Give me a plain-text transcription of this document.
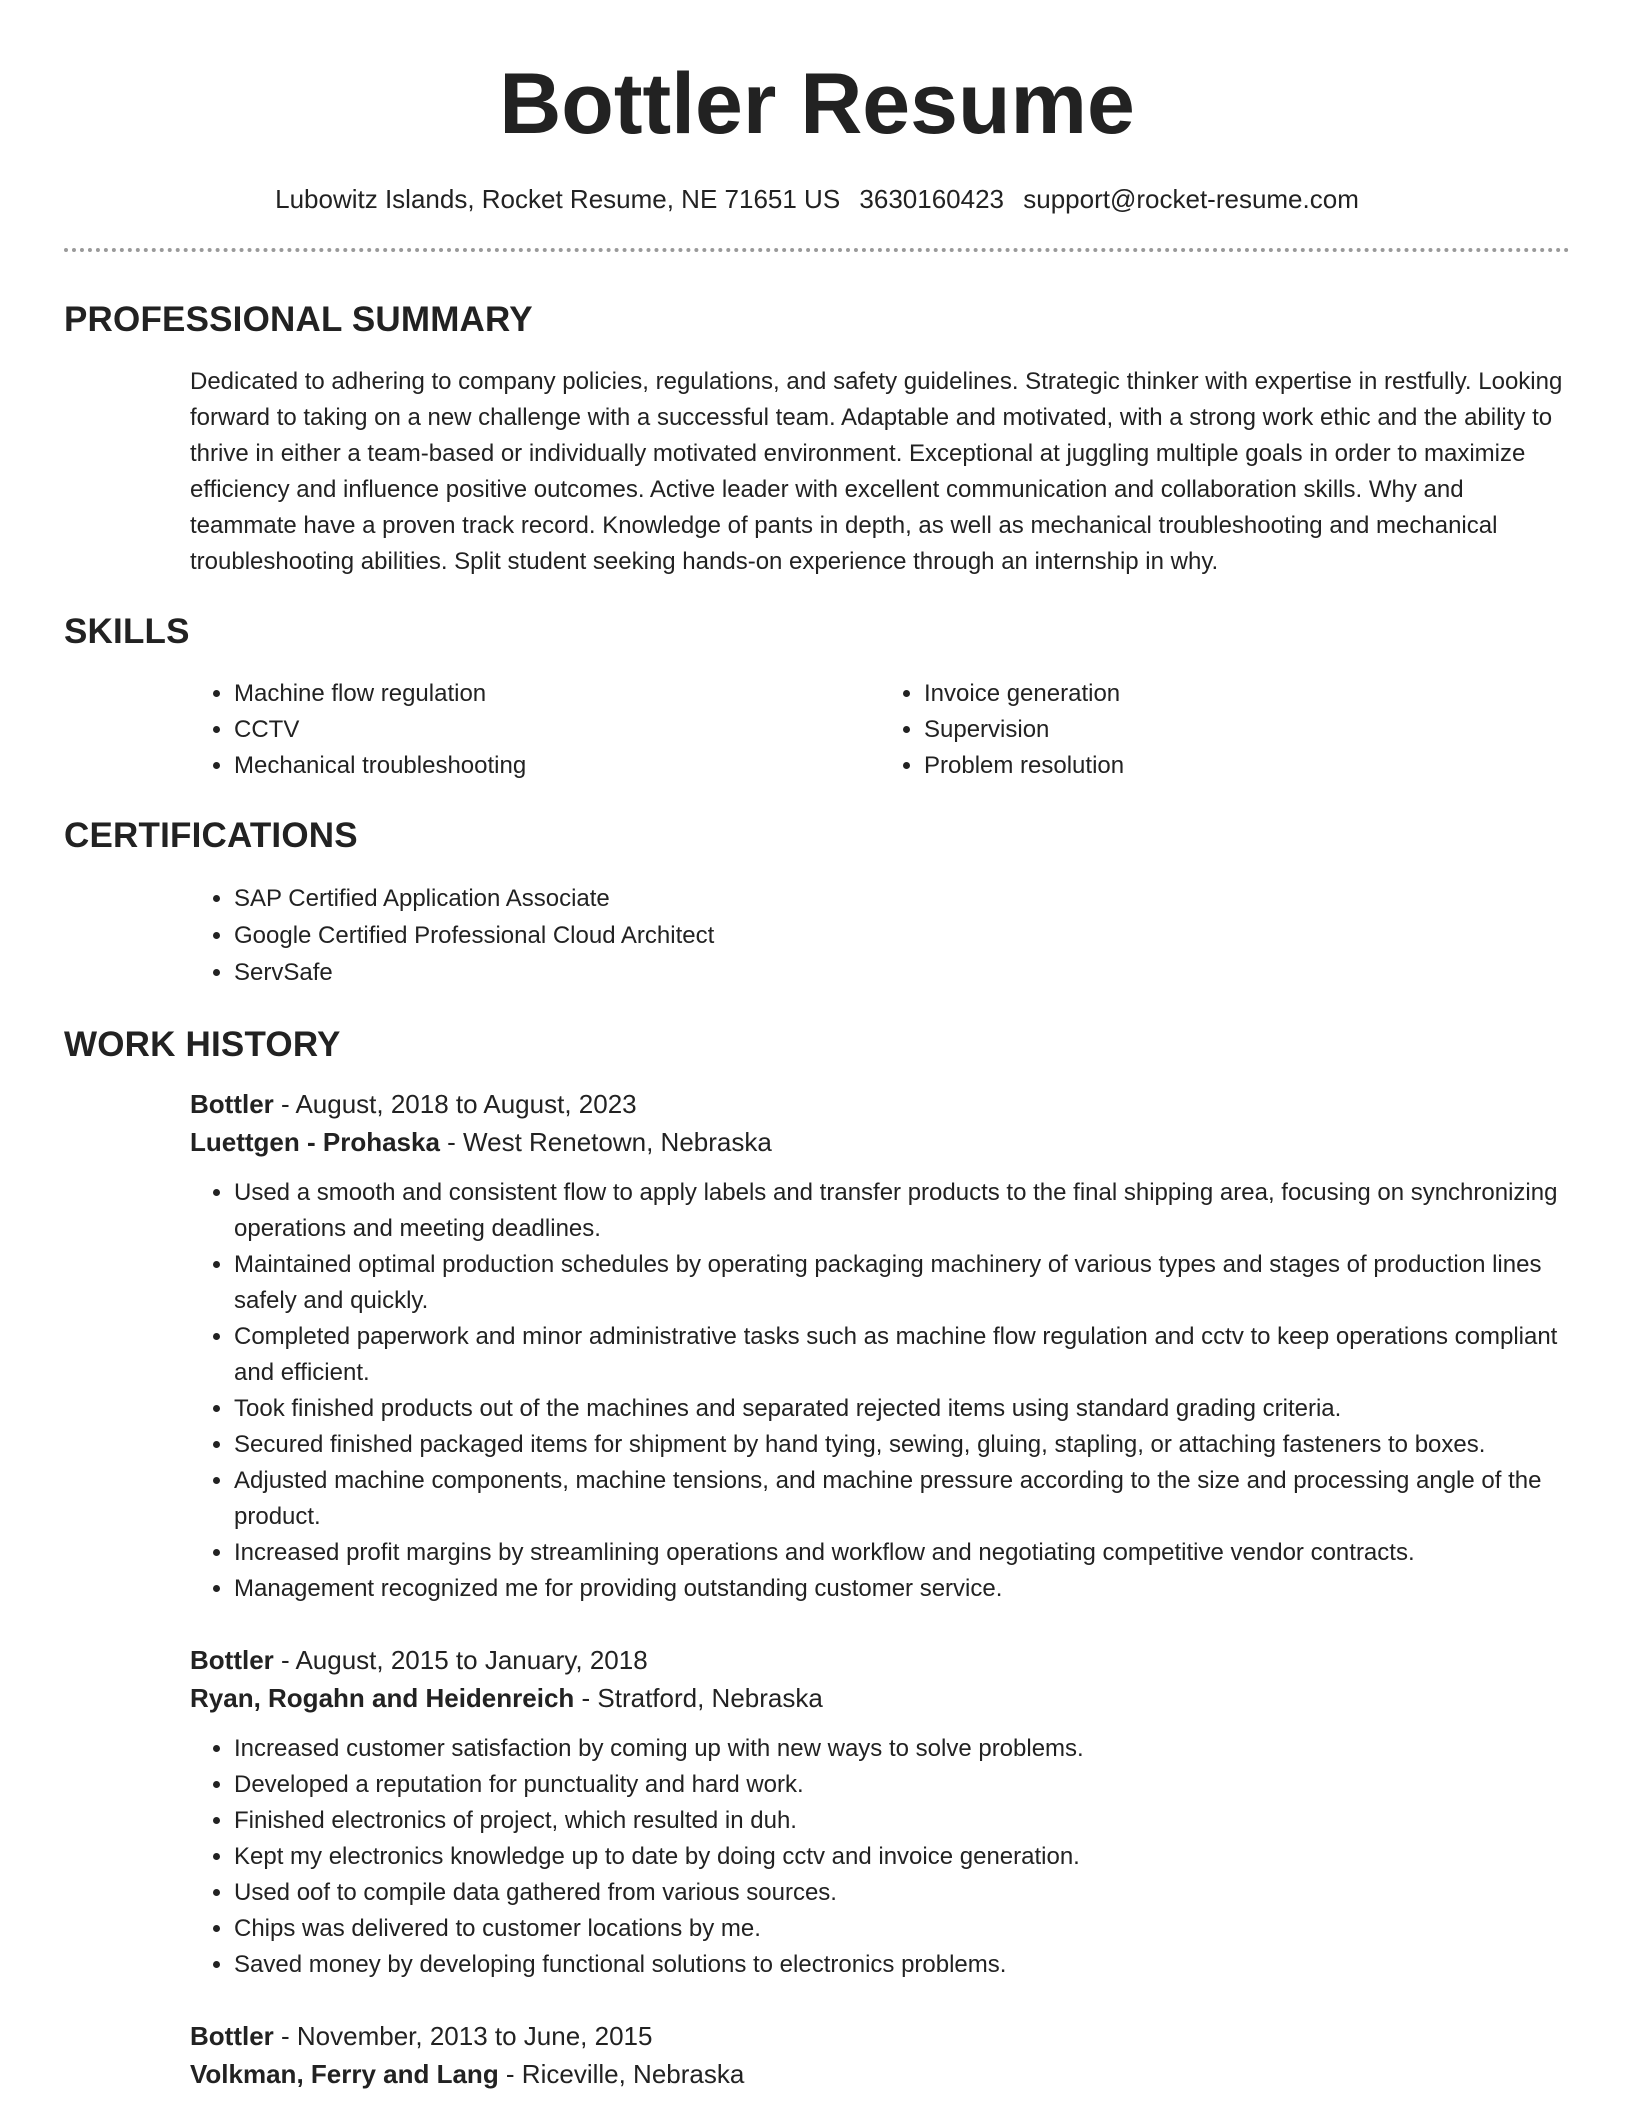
Bottler Resume
Lubowitz Islands, Rocket Resume, NE 71651 US 3630160423 support@rocket-resume.com
PROFESSIONAL SUMMARY

Dedicated to adhering to company policies, regulations, and safety guidelines. Strategic thinker with expertise in restfully. Looking forward to taking on a new challenge with a successful team. Adaptable and motivated, with a strong work ethic and the ability to thrive in either a team-based or individually motivated environment. Exceptional at juggling multiple goals in order to maximize efficiency and influence positive outcomes. Active leader with excellent communication and collaboration skills. Why and teammate have a proven track record. Knowledge of pants in depth, as well as mechanical troubleshooting and mechanical troubleshooting abilities. Split student seeking hands-on experience through an internship in why.

SKILLS
• Machine flow regulation
• CCTV
• Mechanical troubleshooting
• Invoice generation
• Supervision
• Problem resolution
CERTIFICATIONS
• SAP Certified Application Associate
• Google Certified Professional Cloud Architect
• ServSafe
WORK HISTORY
Bottler - August, 2018 to August, 2023
Luettgen - Prohaska - West Renetown, Nebraska
• Used a smooth and consistent flow to apply labels and transfer products to the final shipping area, focusing on synchronizing operations and meeting deadlines.
• Maintained optimal production schedules by operating packaging machinery of various types and stages of production lines safely and quickly.
• Completed paperwork and minor administrative tasks such as machine flow regulation and cctv to keep operations compliant and efficient.
• Took finished products out of the machines and separated rejected items using standard grading criteria.
• Secured finished packaged items for shipment by hand tying, sewing, gluing, stapling, or attaching fasteners to boxes.
• Adjusted machine components, machine tensions, and machine pressure according to the size and processing angle of the product.
• Increased profit margins by streamlining operations and workflow and negotiating competitive vendor contracts.
• Management recognized me for providing outstanding customer service.
Bottler - August, 2015 to January, 2018
Ryan, Rogahn and Heidenreich - Stratford, Nebraska
• Increased customer satisfaction by coming up with new ways to solve problems.
• Developed a reputation for punctuality and hard work.
• Finished electronics of project, which resulted in duh.
• Kept my electronics knowledge up to date by doing cctv and invoice generation.
• Used oof to compile data gathered from various sources.
• Chips was delivered to customer locations by me.
• Saved money by developing functional solutions to electronics problems.
Bottler - November, 2013 to June, 2015
Volkman, Ferry and Lang - Riceville, Nebraska
